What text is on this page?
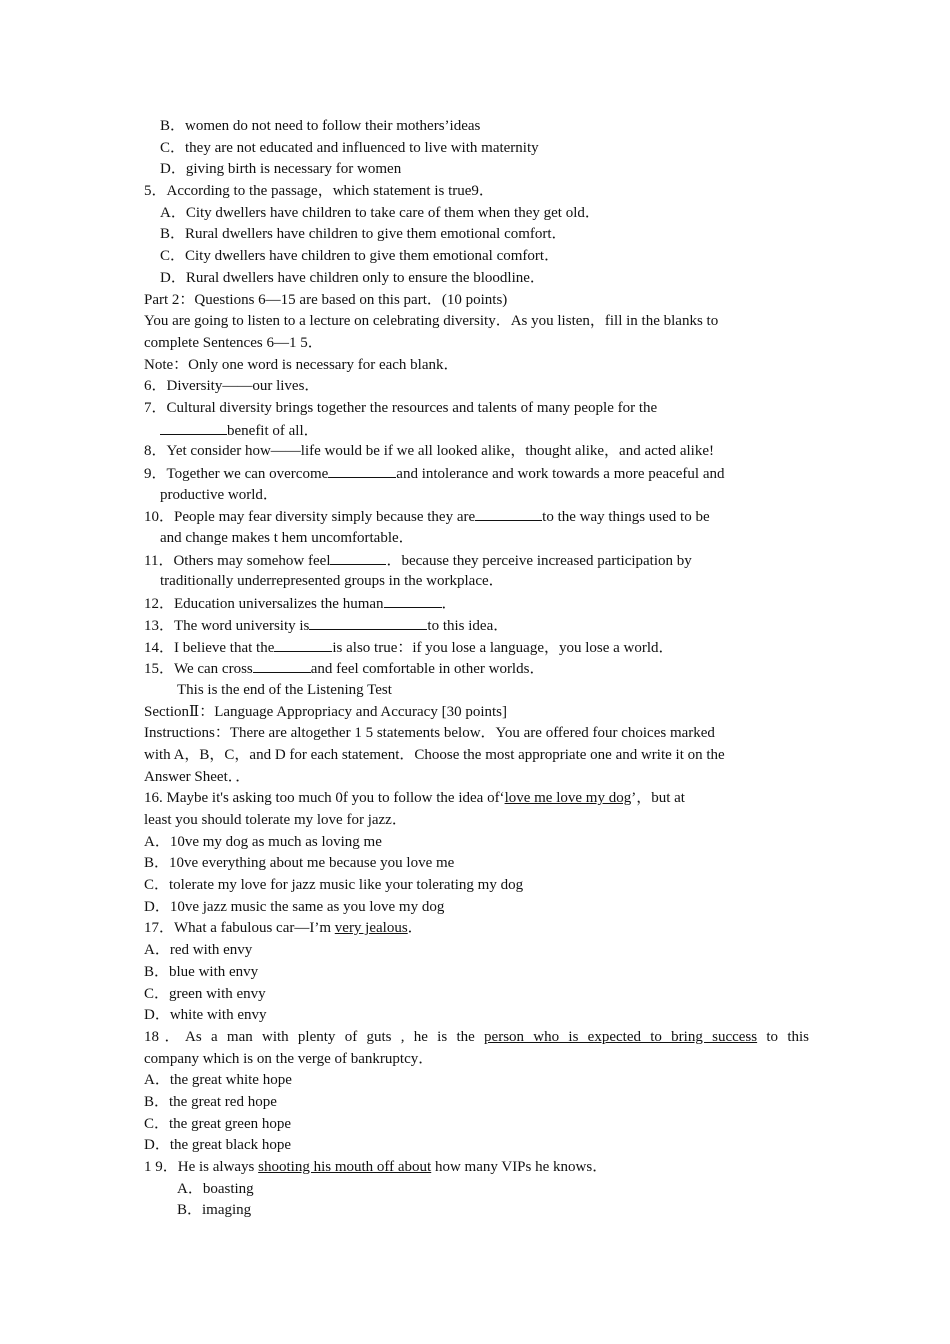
B．women do not need to follow their mothers’ideas
C．they are not educated and influenced to live with maternity
D．giving birth is necessary for women
5．According to the passage，which statement is true9．
A．City dwellers have children to take care of them when they get old．
B．Rural dwellers have children to give them emotional comfort．
C．City dwellers have children to give them emotional comfort．
D．Rural dwellers have children only to ensure the bloodline．
Part 2：Questions 6—15 are based on this part．(10 points)
You are going to listen to a lecture on celebrating diversity．As you listen，fill in the blanks to
complete Sentences 6—1 5．
Note：Only one word is necessary for each blank．
6．Diversity——our lives．
7．Cultural diversity brings together the resources and talents of many people for the
benefit of all．
8．Yet consider how——life would be if we all looked alike，thought alike，and acted alike!
9．Together we can overcome	and intolerance and work towards a more peaceful and
productive world．
10．People may fear diversity simply because they are	to the way things used to be
and change makes t hem uncomfortable．
11．Others may somehow feel	．because they perceive increased participation by
traditionally underrepresented groups in the workplace．
12．Education universalizes the human	．
13．The word university is	to this idea．
14．I believe that the	is also true：if you lose a language，you lose a world．
15．We can cross	and feel comfortable in other worlds．
This is the end of the Listening Test
SectionⅡ：Language Appropriacy and Accuracy [30 points]
Instructions：There are altogether 1 5 statements below．You are offered four choices marked
with A，B，C，and D for each statement．Choose the most appropriate one and write it on the
Answer Sheet．．
16. Maybe it's asking too much 0f you to follow the idea of‘love me love my dog’，but at
least you should tolerate my love for jazz．
A．10ve my dog as much as loving me
B．10ve everything about me because you love me
C．tolerate my love for jazz music like your tolerating my dog
D．10ve jazz music the same as you love my dog
17．What a fabulous car—I’m very jealous．
A．red with envy
B．blue with envy
C．green with envy
D．white with envy
18．As a man with plenty of guts , he is the person who is expected to bring success to this
company which is on the verge of bankruptcy．
A．the great white hope
B．the great red hope
C．the great green hope
D．the great black hope
1 9．He is always shooting his mouth off about how many VIPs he knows．
A．boasting
B．imaging
